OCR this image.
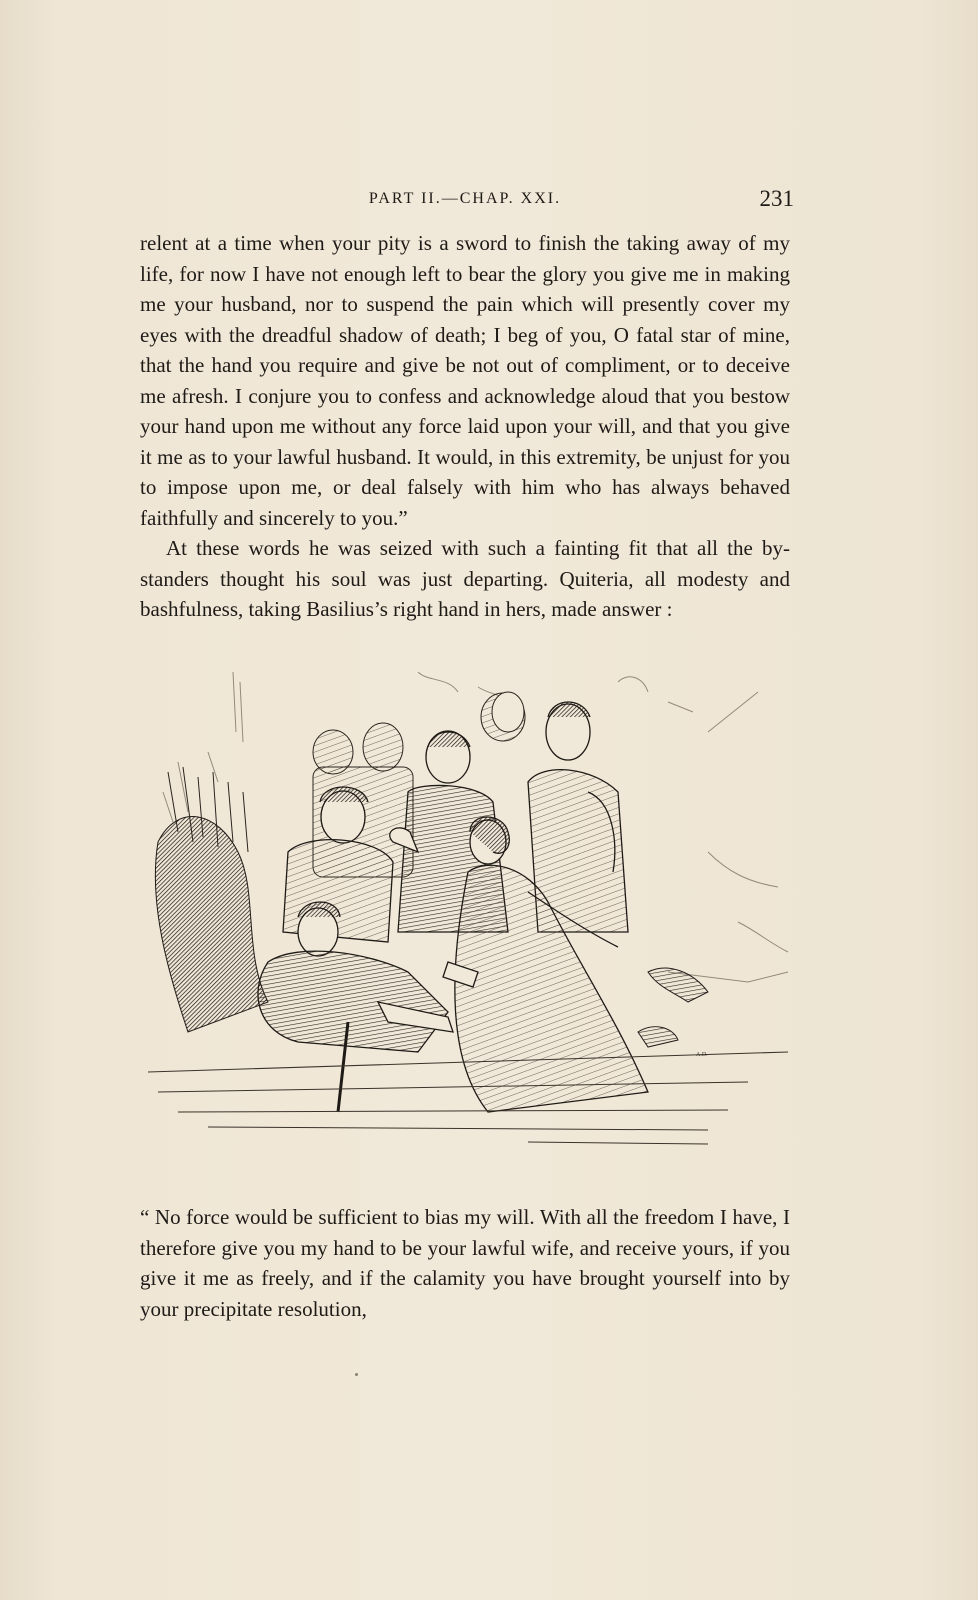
PART II.—CHAP. XXI.	231

relent at a time when your pity is a sword to finish the taking away of my life, for now I have not enough left to bear the glory you give me in making me your husband, nor to suspend the pain which will presently cover my eyes with the dreadful shadow of death; I beg of you, O fatal star of mine, that the hand you require and give be not out of compliment, or to deceive me afresh. I conjure you to confess and acknowledge aloud that you bestow your hand upon me without any force laid upon your will, and that you give it me as to your lawful husband. It would, in this extremity, be unjust for you to impose upon me, or deal falsely with him who has always behaved faithfully and sincerely to you.”

At these words he was seized with such a fainting fit that all the by-standers thought his soul was just departing. Quiteria, all modesty and bashfulness, taking Basilius’s right hand in hers, made answer :

A.D.

“ No force would be sufficient to bias my will. With all the freedom I have, I therefore give you my hand to be your lawful wife, and receive yours, if you give it me as freely, and if the calamity you have brought yourself into by your precipitate resolution,
